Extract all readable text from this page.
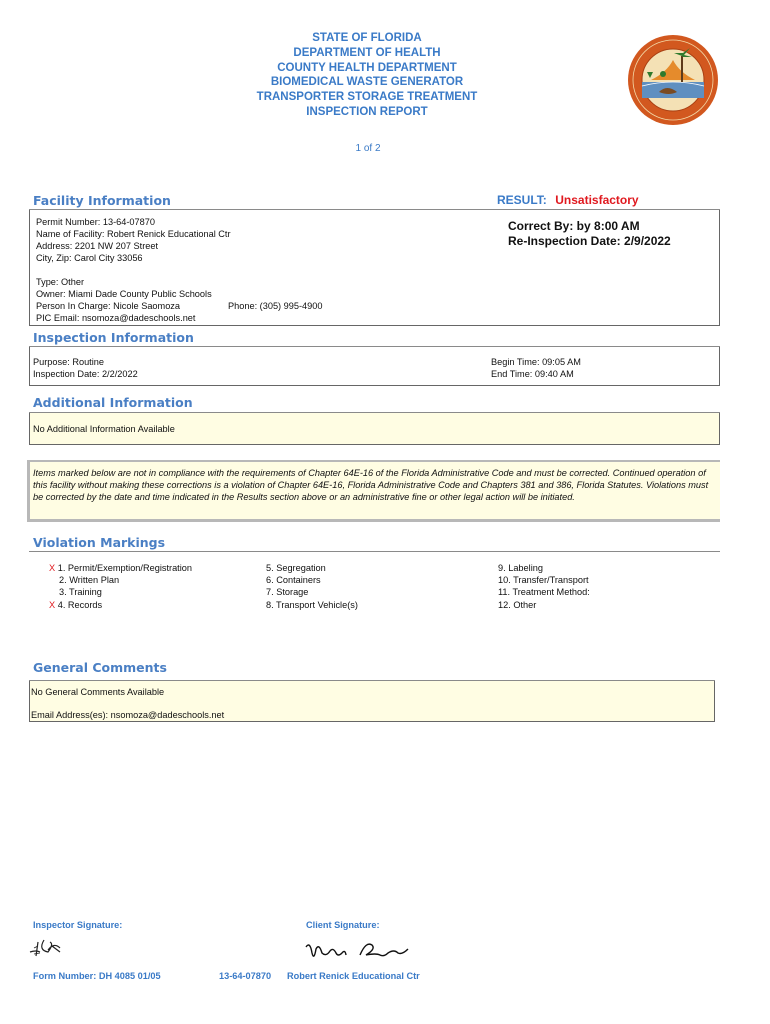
STATE OF FLORIDA
DEPARTMENT OF HEALTH
COUNTY HEALTH DEPARTMENT
BIOMEDICAL WASTE GENERATOR
TRANSPORTER STORAGE TREATMENT
INSPECTION REPORT
1 of 2
Facility Information	RESULT: Unsatisfactory
Permit Number: 13-64-07870
Name of Facility: Robert Renick Educational Ctr
Address: 2201 NW 207 Street
City, Zip: Carol City 33056
Type: Other
Owner: Miami Dade County Public Schools
Person In Charge: Nicole Saomoza	Phone: (305) 995-4900
PIC Email: nsomoza@dadeschools.net
Correct By: by 8:00 AM
Re-Inspection Date: 2/9/2022
Inspection Information
Purpose: Routine
Inspection Date: 2/2/2022
Begin Time: 09:05 AM
End Time: 09:40 AM
Additional Information
No Additional Information Available
Items marked below are not in compliance with the requirements of Chapter 64E-16 of the Florida Administrative Code and must be corrected. Continued operation of this facility without making these corrections is a violation of Chapter 64E-16, Florida Administrative Code and Chapters 381 and 386, Florida Statutes. Violations must be corrected by the date and time indicated in the Results section above or an administrative fine or other legal action will be initiated.
Violation Markings
X 1. Permit/Exemption/Registration
2. Written Plan
3. Training
X 4. Records
5. Segregation
6. Containers
7. Storage
8. Transport Vehicle(s)
9. Labeling
10. Transfer/Transport
11. Treatment Method:
12. Other
General Comments
No General Comments Available
Email Address(es): nsomoza@dadeschools.net
Inspector Signature:	Client Signature:
Form Number: DH 4085 01/05	13-64-07870 Robert Renick Educational Ctr
